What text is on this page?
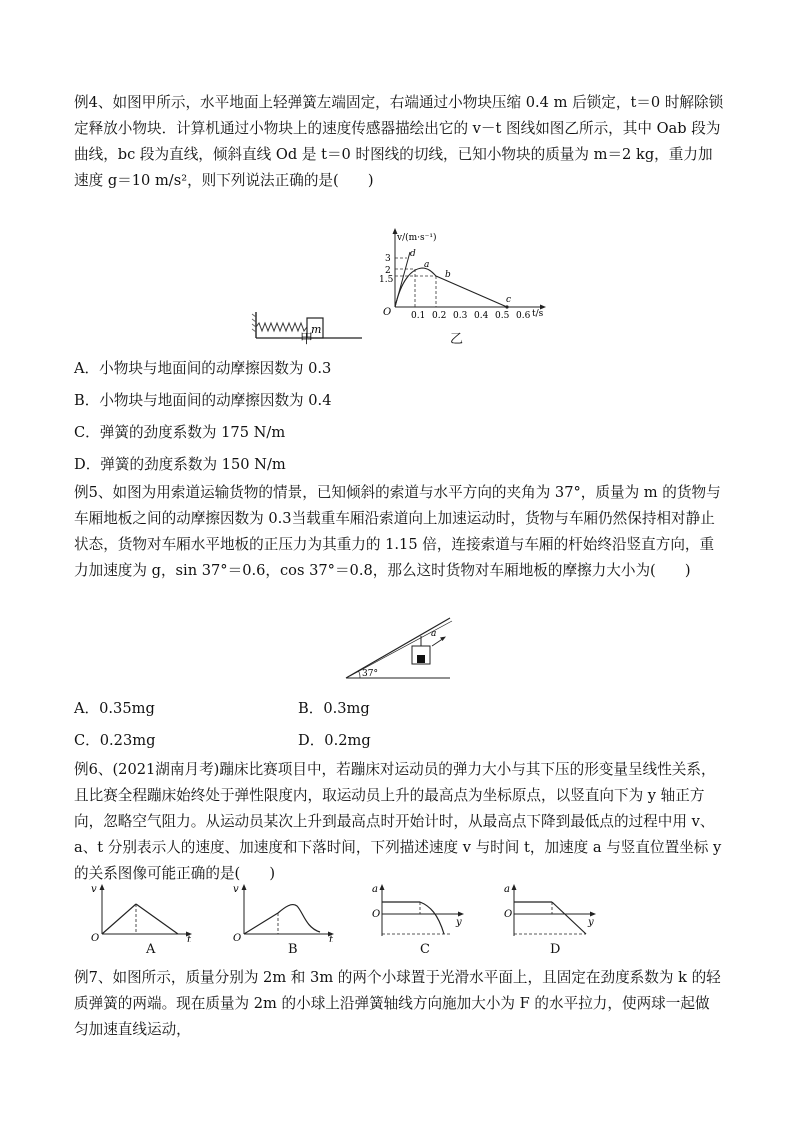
例4、如图甲所示，水平地面上轻弹簧左端固定，右端通过小物块压缩 0.4 m 后锁定，t＝0 时解除锁定释放小物块．计算机通过小物块上的速度传感器描绘出它的 v－t 图线如图乙所示，其中 Oab 段为曲线，bc 段为直线，倾斜直线 Od 是 t＝0 时图线的切线，已知小物块的质量为 m＝2 kg，重力加速度 g＝10 m/s²，则下列说法正确的是(　　)
m
甲
v/(m·s⁻¹)
t/s
O
3
2
1.5
0.1 0.2 0.3 0.4 0.5 0.6
d
a
b
c
乙
A．小物块与地面间的动摩擦因数为 0.3
B．小物块与地面间的动摩擦因数为 0.4
C．弹簧的劲度系数为 175 N/m
D．弹簧的劲度系数为 150 N/m
例5、如图为用索道运输货物的情景，已知倾斜的索道与水平方向的夹角为 37°，质量为 m 的货物与车厢地板之间的动摩擦因数为 0.3当载重车厢沿索道向上加速运动时，货物与车厢仍然保持相对静止状态，货物对车厢水平地板的正压力为其重力的 1.15 倍，连接索道与车厢的杆始终沿竖直方向，重力加速度为 g，sin 37°＝0.6，cos 37°＝0.8，那么这时货物对车厢地板的摩擦力大小为(　　)
a
37°
A．0.35mg	B．0.3mg
C．0.23mg	D．0.2mg
例6、(2021湖南月考)蹦床比赛项目中，若蹦床对运动员的弹力大小与其下压的形变量呈线性关系，且比赛全程蹦床始终处于弹性限度内，取运动员上升的最高点为坐标原点，以竖直向下为 y 轴正方向，忽略空气阻力。从运动员某次上升到最高点时开始计时，从最高点下降到最低点的过程中用 v、a、t 分别表示人的速度、加速度和下落时间，下列描述速度 v 与时间 t，加速度 a 与竖直位置坐标 y 的关系图像可能正确的是(　　)
v
t
O
A
v
t
O
B
a
y
O
C
a
y
O
D
例7、如图所示，质量分别为 2m 和 3m 的两个小球置于光滑水平面上，且固定在劲度系数为 k 的轻质弹簧的两端。现在质量为 2m 的小球上沿弹簧轴线方向施加大小为 F 的水平拉力，使两球一起做匀加速直线运动，
